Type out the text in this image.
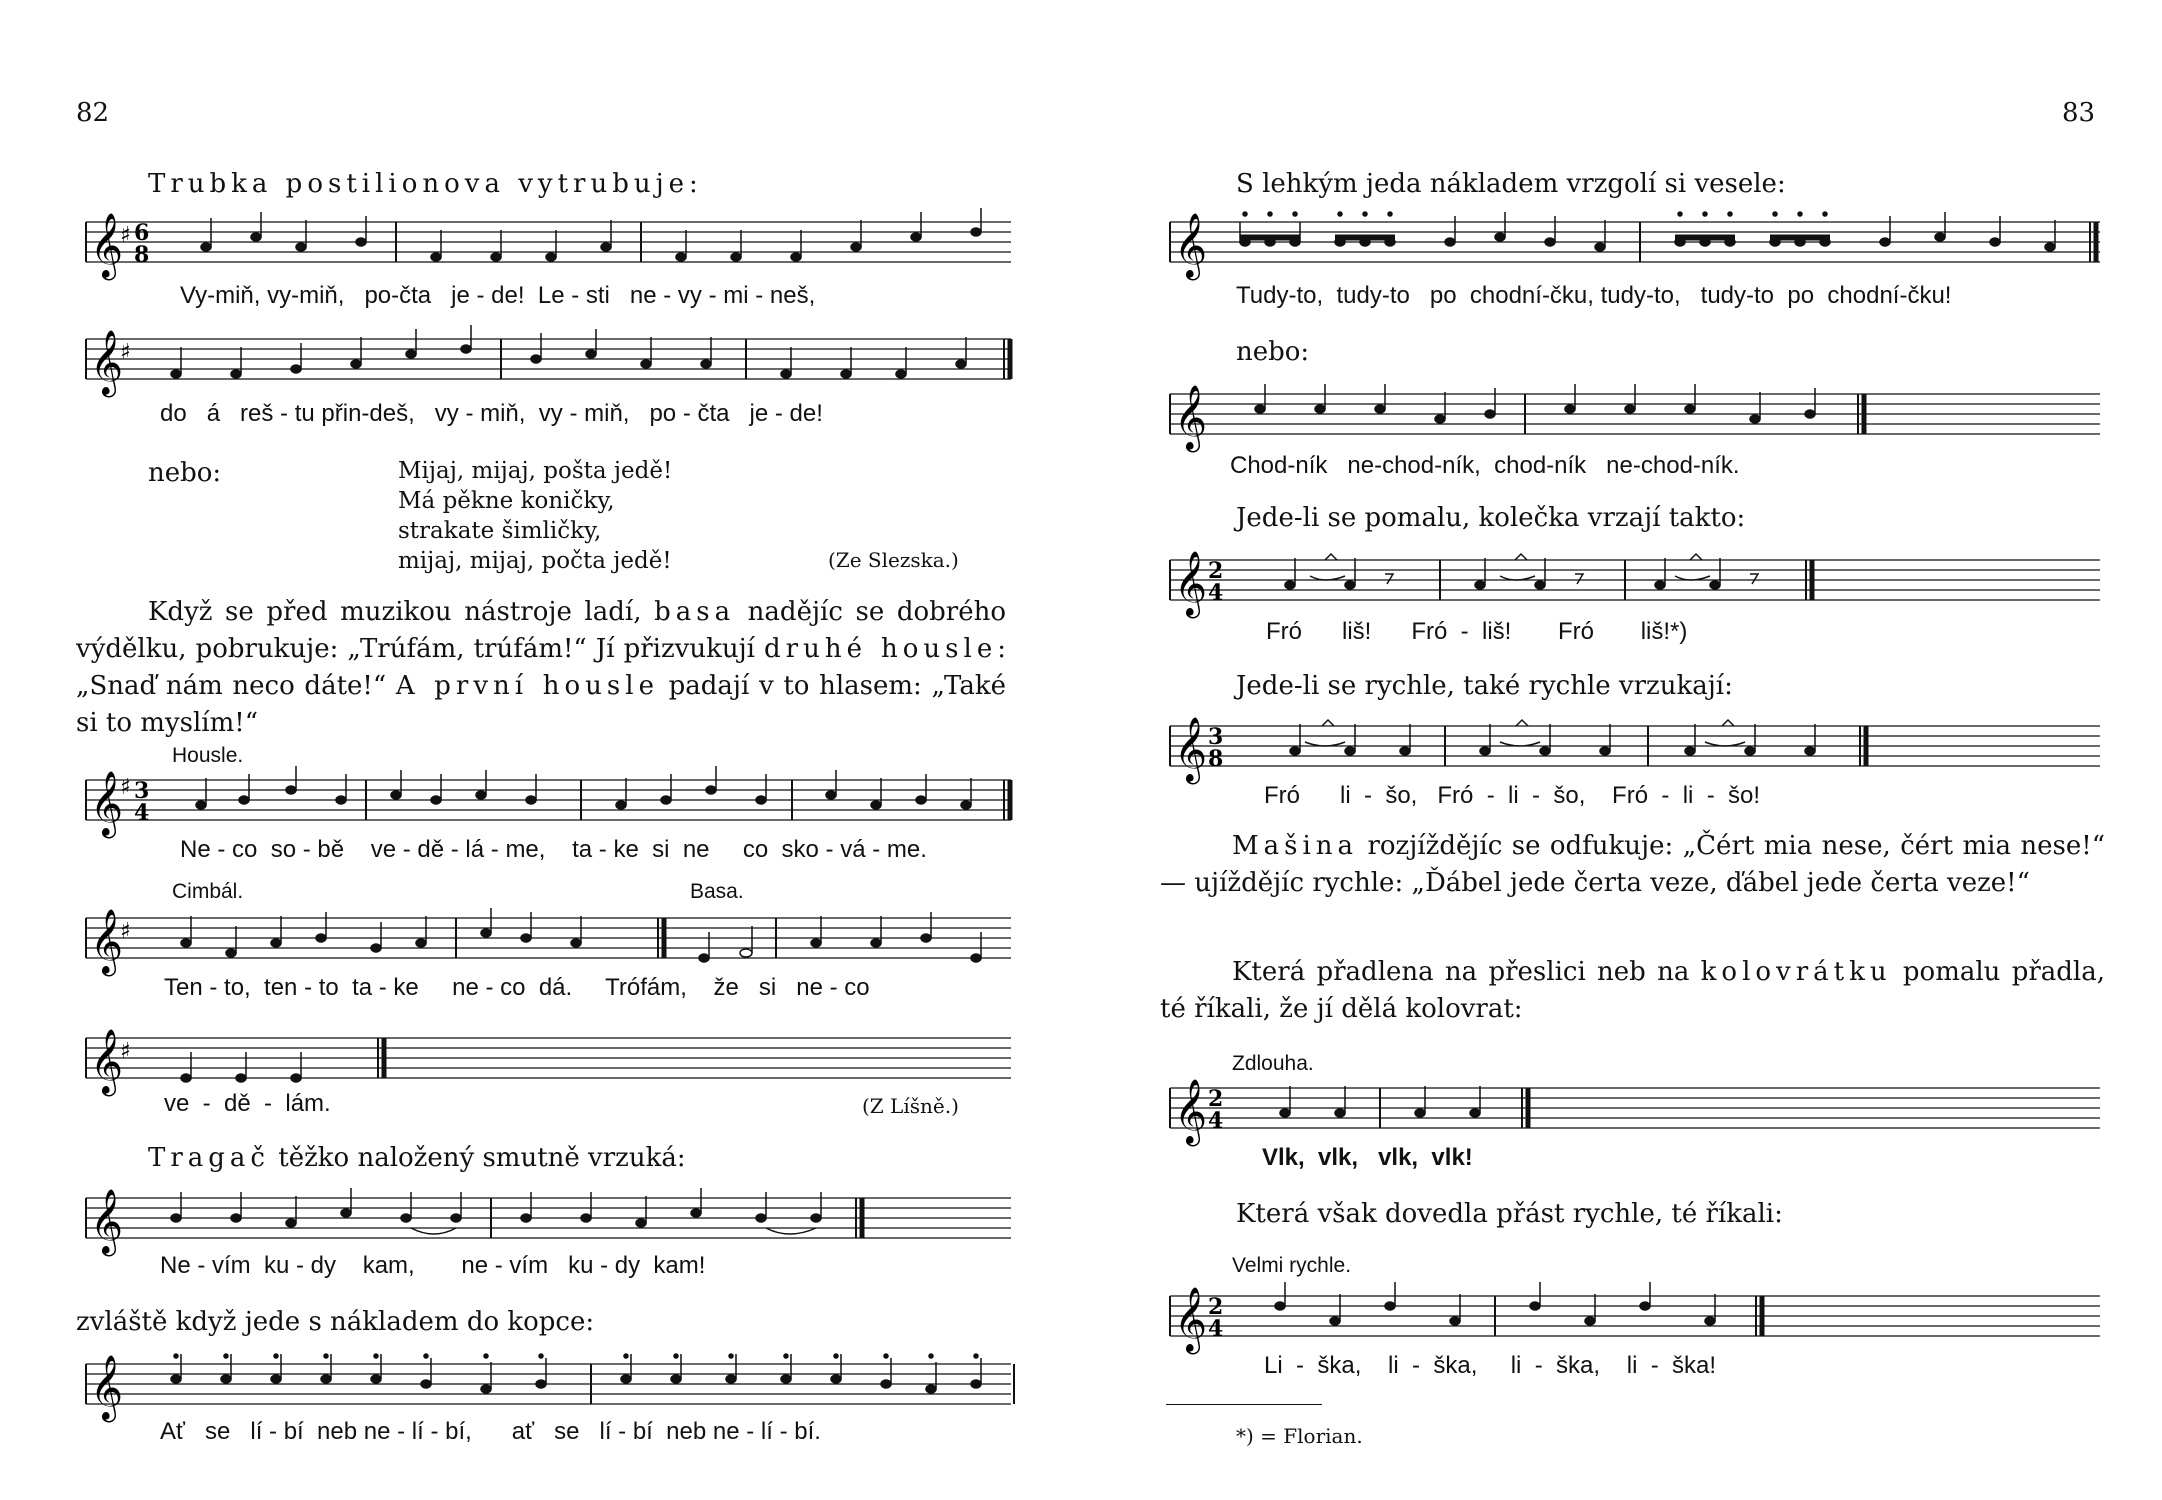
82
Trubka postilionova vytrubuje:
𝄞
♯ 6
8
Vy-miň, vy-miň,   po-čta   je - de!  Le - sti   ne - vy - mi - neš,
𝄞
♯
do   á   reš - tu přin-deš,   vy - miň,  vy - miň,   po - čta   je - de!
nebo:	Mijaj, mijaj, pošta jedě!
Má pěkne koničky,
strakate šimličky,
mijaj, mijaj, počta jedě!	(Ze Slezska.)
Když se před muzikou nástroje ladí, basa nadějíc se dobrého výdělku, pobrukuje: „Trúfám, trúfám!“ Jí přizvukují druhé housle: „Snaď nám neco dáte!“ A první housle padají v to hlasem: „Také si to myslím!“
Housle.
𝄞
♯ 3
4
Ne - co  so - bě    ve - dě - lá - me,    ta - ke  si  ne     co  sko - vá - me.
Cimbál.	Basa.
𝄞
♯
Ten - to,  ten - to  ta - ke     ne - co  dá.     Trófám,    že   si   ne - co
𝄞
♯
ve  -  dě  -  lám.	(Z Líšně.)
Tragač těžko naložený smutně vrzuká:
𝄞
Ne - vím  ku - dy    kam,       ne - vím   ku - dy  kam!
zvláště když jede s nákladem do kopce:
𝄞
Ať   se   lí - bí  neb ne - lí - bí,      ať   se   lí - bí  neb ne - lí - bí.
83
S lehkým jeda nákladem vrzgolí si vesele:
𝄞
Tudy-to,  tudy-to   po  chodní-čku, tudy-to,   tudy-to  po  chodní-čku!
nebo:
𝄞
Chod-ník   ne-chod-ník,  chod-ník   ne-chod-ník.
Jede-li se pomalu, kolečka vrzají takto:
𝄞 2
4
Fró      liš!      Fró  -  liš!       Fró       liš!*)
Jede-li se rychle, také rychle vrzukají:
𝄞 3
8
Fró      li  -  šo,   Fró  -  li  -  šo,    Fró  -  li  -  šo!
Mašina rozjíždějíc se odfukuje: „Čért mia nese, čért mia nese!“ — ujíždějíc rychle: „Ďábel jede čerta veze, ďábel jede čerta veze!“
Která přadlena na přeslici neb na kolovrátku pomalu přadla, té říkali, že jí dělá kolovrat:
Zdlouha.
𝄞 2
4
Vlk,  vlk,   vlk,  vlk!
Která však dovedla přást rychle, té říkali:
Velmi rychle.
𝄞 2
4
Li  -  ška,    li  -  ška,     li  -  ška,    li  -  ška!
*) = Florian.
